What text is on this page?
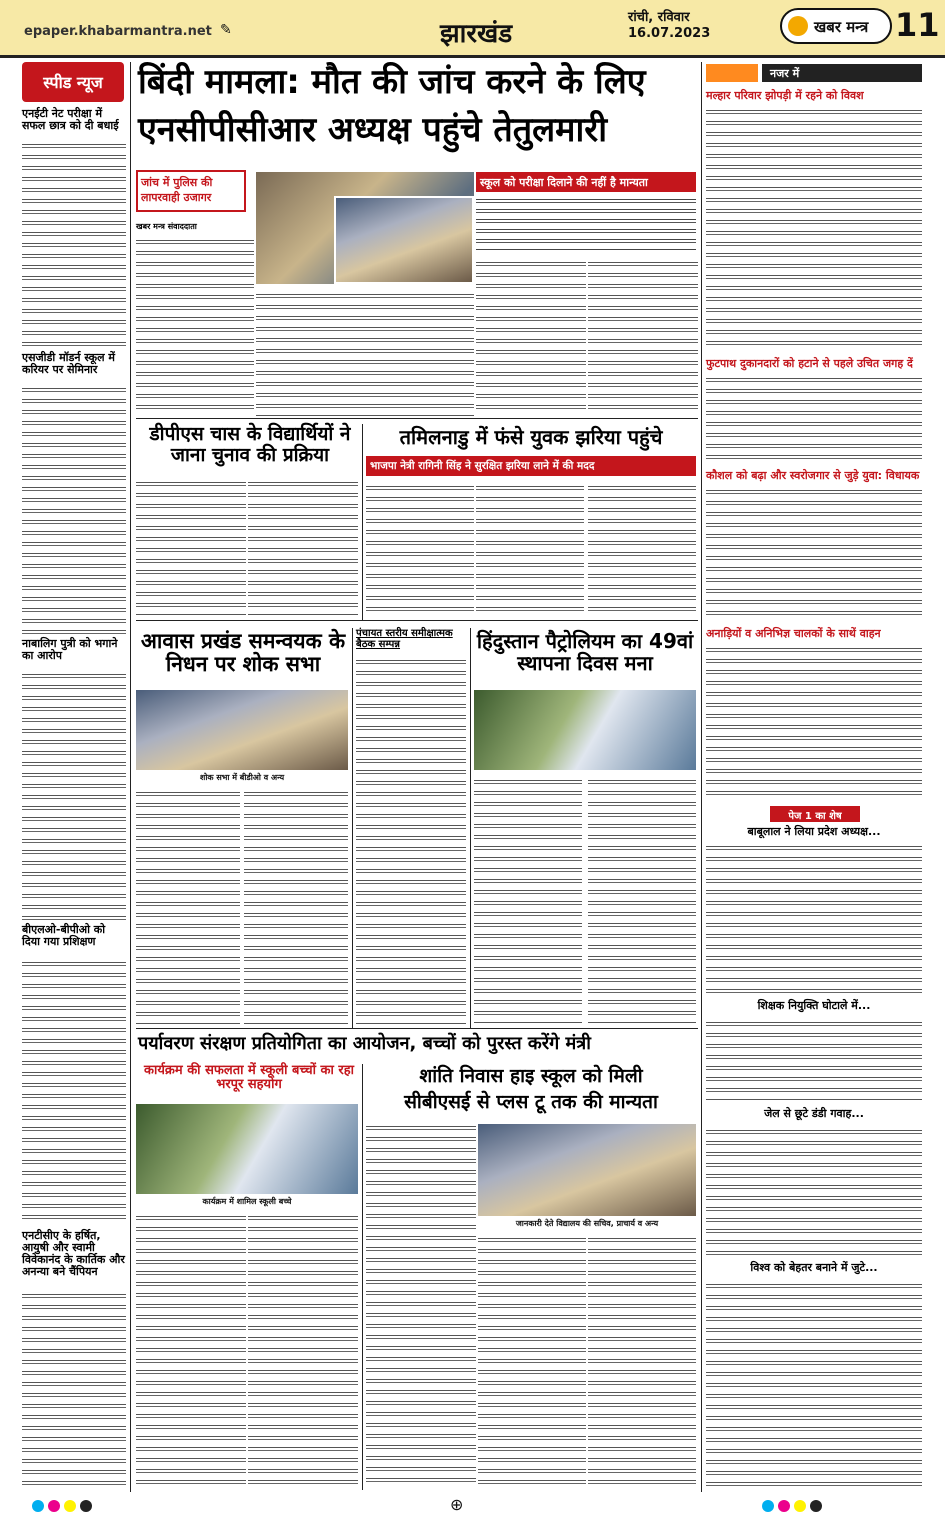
epaper.khabarmantra.net ✎	झारखंड
रांची, रविवार
16.07.2023	खबर मन्त्र 11
स्पीड न्यूज
एनईटी नेट परीक्षा में सफल छात्र को दी बधाई
एसजीडी मॉडर्न स्कूल में करियर पर सेमिनार
नाबालिग पुत्री को भगाने का आरोप
बीएलओ-बीपीओ को दिया गया प्रशिक्षण
एनटीसीए के हर्षित, आयुषी और स्वामी विवेकानंद के कार्तिक और अनन्या बने चैंपियन
बिंदी मामला: मौत की जांच करने के लिए
एनसीपीसीआर अध्यक्ष पहुंचे तेतुलमारी
जांच में पुलिस की लापरवाही उजागर
खबर मन्त्र संवाददाता
स्कूल को परीक्षा दिलाने की नहीं है मान्यता
डीपीएस चास के विद्यार्थियों ने जाना चुनाव की प्रक्रिया
तमिलनाडु में फंसे युवक झरिया पहुंचे
भाजपा नेत्री रागिनी सिंह ने सुरक्षित झरिया लाने में की मदद
आवास प्रखंड समन्वयक के निधन पर शोक सभा
शोक सभा में बीडीओ व अन्य
पंचायत स्तरीय समीक्षात्मक बैठक सम्पन्न	हिंदुस्तान पैट्रोलियम का 49वां स्थापना दिवस मना
पर्यावरण संरक्षण प्रतियोगिता का आयोजन, बच्चों को पुरस्त करेंगे मंत्री
कार्यक्रम की सफलता में स्कूली बच्चों का रहा भरपूर सहयोग
कार्यक्रम में शामिल स्कूली बच्चे
शांति निवास हाइ स्कूल को मिली
सीबीएसई से प्लस टू तक की मान्यता
जानकारी देते विद्यालय की सचिव, प्राचार्य व अन्य
नजर में
मल्हार परिवार झोपड़ी में रहने को विवश
फुटपाथ दुकानदारों को हटाने से पहले उचित जगह दें
कौशल को बढ़ा और स्वरोजगार से जुड़े युवा: विधायक
अनाड़ियों व अनिभिज्ञ चालकों के साथें वाहन
पेज 1 का शेष
बाबूलाल ने लिया प्रदेश अध्यक्ष...
शिक्षक नियुक्ति घोटाले में...
जेल से छूटे डंडी गवाह...
विश्व को बेहतर बनाने में जुटे...
⊕
